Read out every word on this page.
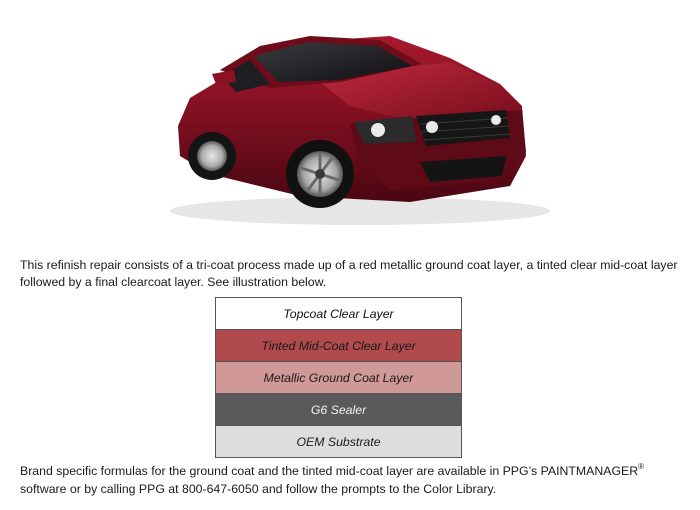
This refinish repair consists of a tri-coat process made up of a red metallic ground coat layer, a tinted clear mid-coat layer followed by a final clearcoat layer. See illustration below.
Topcoat Clear Layer
Tinted Mid-Coat Clear Layer
Metallic Ground Coat Layer
G6 Sealer
OEM Substrate
Brand specific formulas for the ground coat and the tinted mid-coat layer are available in PPG’s PAINTMANAGER® software or by calling PPG at 800-647-6050 and follow the prompts to the Color Library.
